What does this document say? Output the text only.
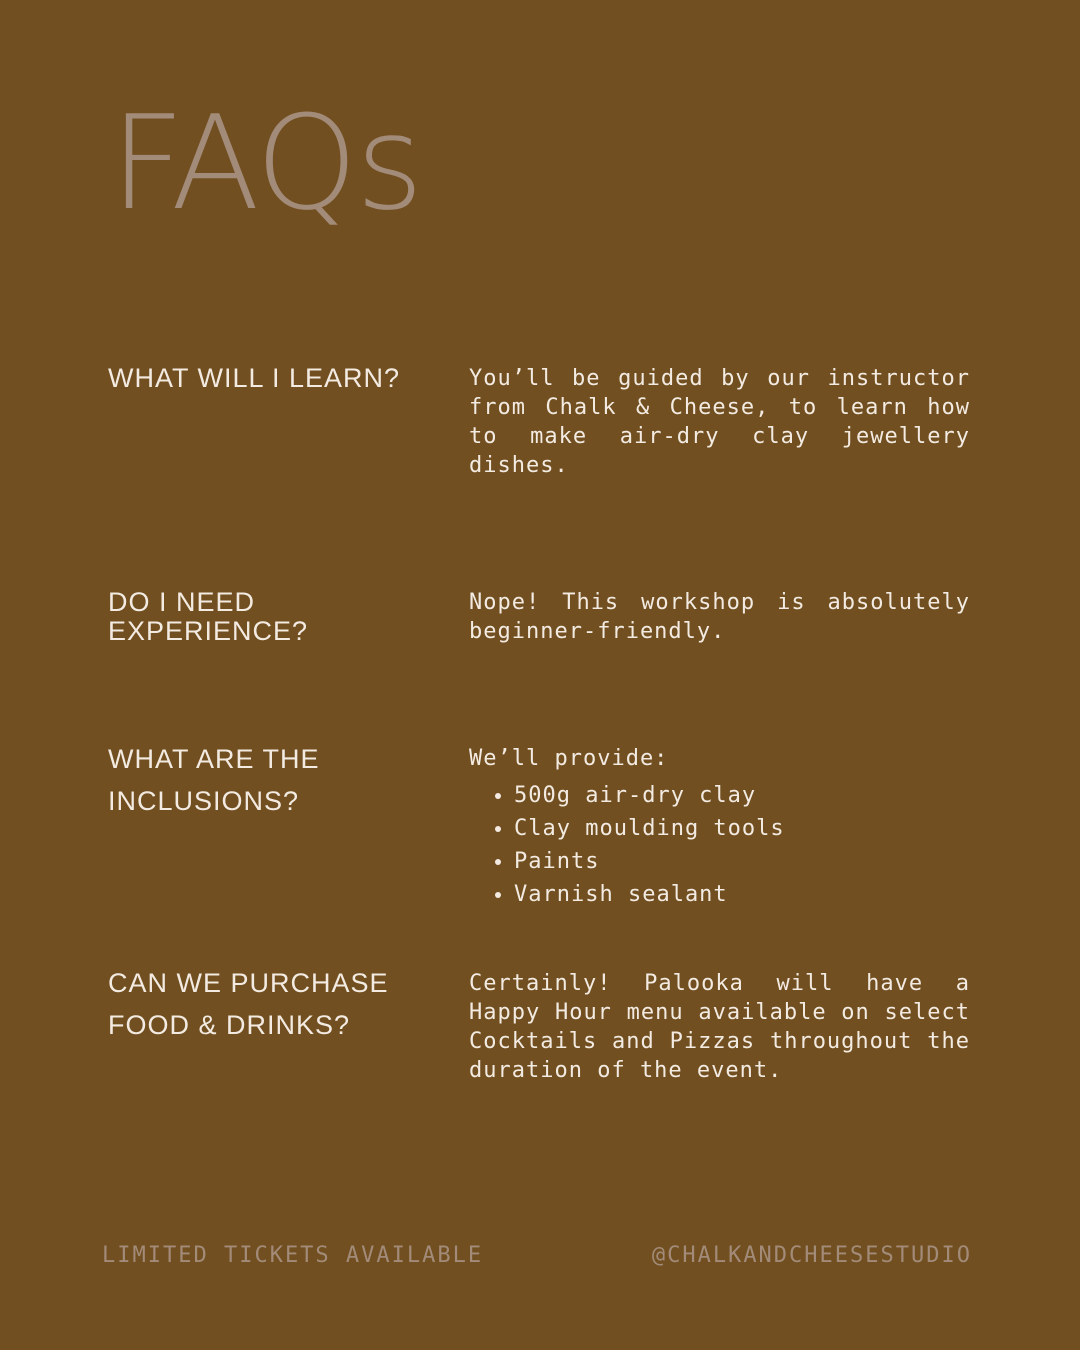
FAQs
WHAT WILL I LEARN?	You’ll be guided by our instructor from Chalk & Cheese, to learn how to make air-dry clay jewellery dishes.

DO I NEED EXPERIENCE?

Nope! This workshop is absolutely beginner-friendly.

WHAT ARE THE INCLUSIONS?

We’ll provide:

500g air-dry clay
Clay moulding tools
Paints
Varnish sealant
CAN WE PURCHASE FOOD & DRINKS?

Certainly! Palooka will have a Happy Hour menu available on select Cocktails and Pizzas throughout the duration of the event.

LIMITED TICKETS AVAILABLE	@CHALKANDCHEESESTUDIO
